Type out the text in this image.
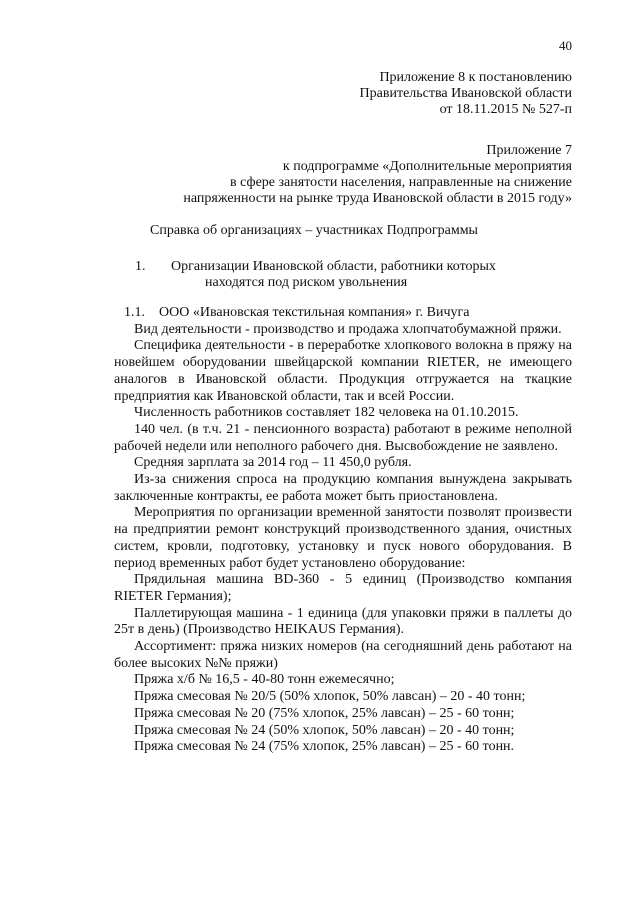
40
Приложение 8 к постановлению
Правительства Ивановской области
от 18.11.2015 № 527-п
Приложение 7
к подпрограмме «Дополнительные мероприятия
в сфере занятости населения, направленные на снижение
напряженности на рынке труда Ивановской области в 2015 году»
Справка об организациях – участниках Подпрограммы
1. Организации Ивановской области, работники которых
находятся под риском увольнения

1.1. ООО «Ивановская текстильная компания» г. Вичуга

Вид деятельности - производство и продажа хлопчатобумажной пряжи.

Специфика деятельности - в переработке хлопкового волокна в пряжу на новейшем оборудовании швейцарской компании RIETER, не имеющего аналогов в Ивановской области. Продукция отгружается на ткацкие предприятия как Ивановской области, так и всей России.

Численность работников составляет 182 человека на 01.10.2015.

140 чел. (в т.ч. 21 - пенсионного возраста) работают в режиме неполной рабочей недели или неполного рабочего дня. Высвобождение не заявлено.

Средняя зарплата за 2014 год – 11 450,0 рубля.

Из-за снижения спроса на продукцию компания вынуждена закрывать заключенные контракты, ее работа может быть приостановлена.

Мероприятия по организации временной занятости позволят произвести на предприятии ремонт конструкций производственного здания, очистных систем, кровли, подготовку, установку и пуск нового оборудования. В период временных работ будет установлено оборудование:

Прядильная машина BD-360 - 5 единиц (Производство компания RIETER Германия);

Паллетирующая машина - 1 единица (для упаковки пряжи в паллеты до 25т в день) (Производство HEIKAUS Германия).

Ассортимент: пряжа низких номеров (на сегодняшний день работают на более высоких №№ пряжи)

Пряжа х/б № 16,5 - 40-80 тонн ежемесячно;

Пряжа смесовая № 20/5 (50% хлопок, 50% лавсан) – 20 - 40 тонн;

Пряжа смесовая № 20 (75% хлопок, 25% лавсан) – 25 - 60 тонн;

Пряжа смесовая № 24 (50% хлопок, 50% лавсан) – 20 - 40 тонн;

Пряжа смесовая № 24 (75% хлопок, 25% лавсан) – 25 - 60 тонн.
